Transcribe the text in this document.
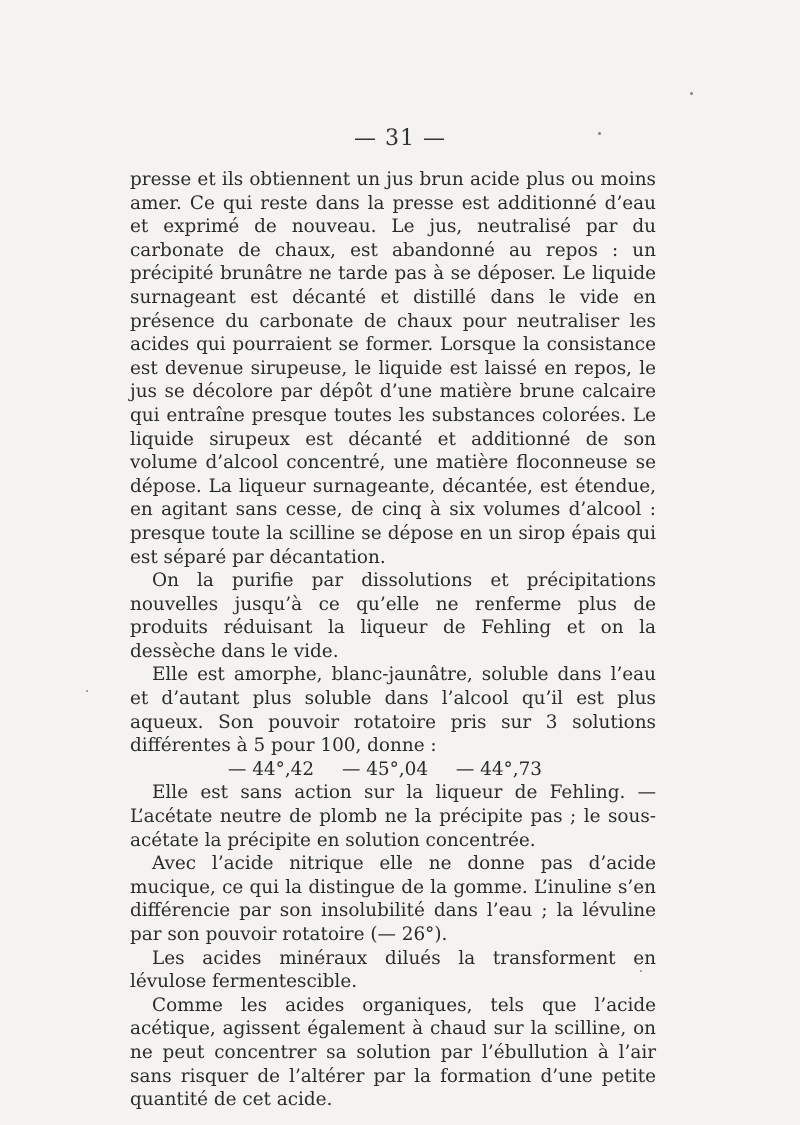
— 31 —

presse et ils obtiennent un jus brun acide plus ou moins amer. Ce qui reste dans la presse est additionné d’eau et exprimé de nouveau. Le jus, neutralisé par du carbonate de chaux, est abandonné au repos : un précipité brunâtre ne tarde pas à se déposer. Le liquide surnageant est décanté et distillé dans le vide en présence du carbonate de chaux pour neutraliser les acides qui pourraient se former. Lorsque la consistance est devenue sirupeuse, le liquide est laissé en repos, le jus se décolore par dépôt d’une matière brune calcaire qui entraîne presque toutes les substances colorées. Le liquide sirupeux est décanté et additionné de son volume d’alcool concentré, une matière floconneuse se dépose. La liqueur surnageante, décantée, est étendue, en agitant sans cesse, de cinq à six volumes d’alcool : presque toute la scilline se dépose en un sirop épais qui est séparé par décantation.

On la purifie par dissolutions et précipitations nouvelles jusqu’à ce qu’elle ne renferme plus de produits réduisant la liqueur de Fehling et on la dessèche dans le vide.

Elle est amorphe, blanc-jaunâtre, soluble dans l’eau et d’autant plus soluble dans l’alcool qu’il est plus aqueux. Son pouvoir rotatoire pris sur 3 solutions différentes à 5 pour 100, donne :

— 44°,42 — 45°,04 — 44°,73

Elle est sans action sur la liqueur de Fehling. — L’acétate neutre de plomb ne la précipite pas ; le sous-acétate la précipite en solution concentrée.

Avec l’acide nitrique elle ne donne pas d’acide mucique, ce qui la distingue de la gomme. L’inuline s’en différencie par son insolubilité dans l’eau ; la lévuline par son pouvoir rotatoire (— 26°).

Les acides minéraux dilués la transforment en lévulose fermentescible.

Comme les acides organiques, tels que l’acide acétique, agissent également à chaud sur la scilline, on ne peut concentrer sa solution par l’ébullution à l’air sans risquer de l’altérer par la formation d’une petite quantité de cet acide.
